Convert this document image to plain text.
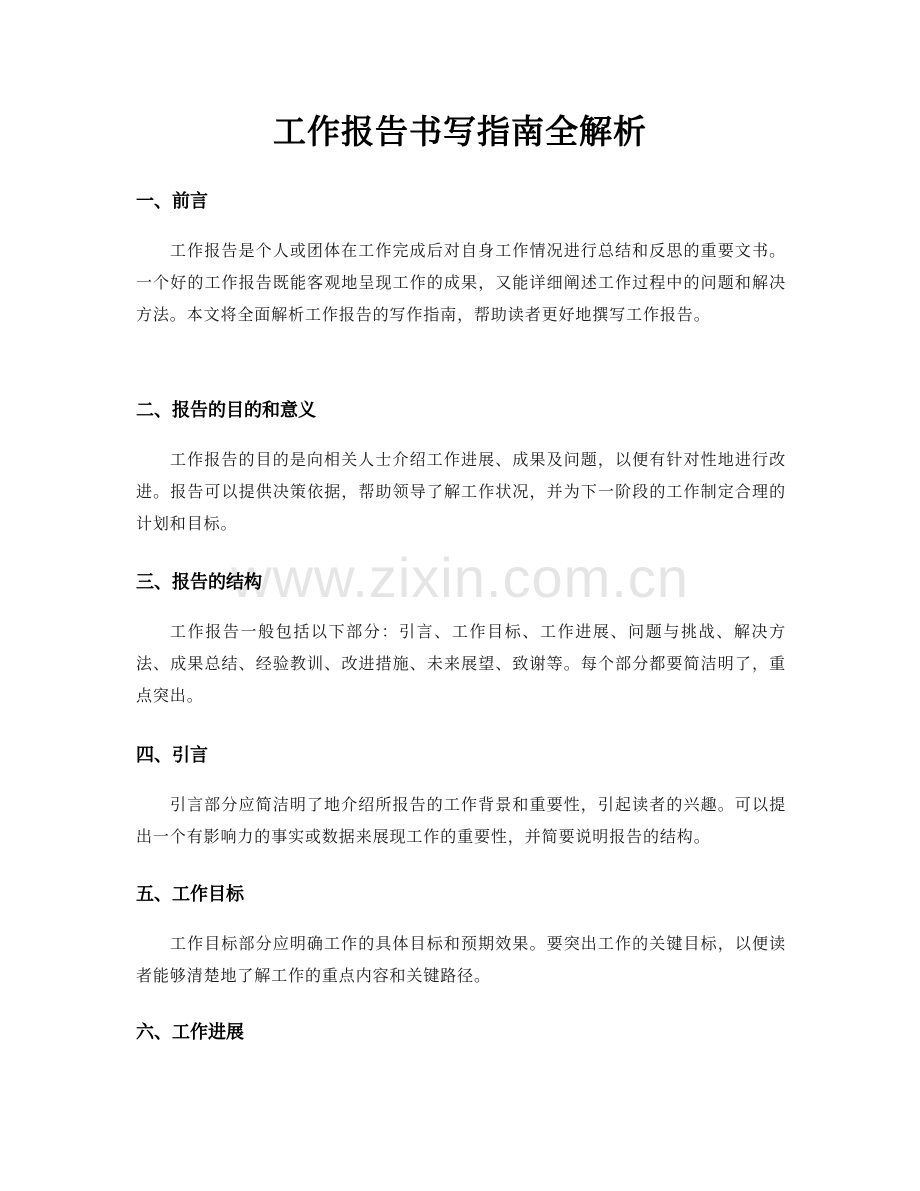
工作报告书写指南全解析
www.zixin.com.cn
一、前言

工作报告是个人或团体在工作完成后对自身工作情况进行总结和反思的重要文书。一个好的工作报告既能客观地呈现工作的成果，又能详细阐述工作过程中的问题和解决方法。本文将全面解析工作报告的写作指南，帮助读者更好地撰写工作报告。

二、报告的目的和意义

工作报告的目的是向相关人士介绍工作进展、成果及问题，以便有针对性地进行改进。报告可以提供决策依据，帮助领导了解工作状况，并为下一阶段的工作制定合理的计划和目标。

三、报告的结构

工作报告一般包括以下部分：引言、工作目标、工作进展、问题与挑战、解决方法、成果总结、经验教训、改进措施、未来展望、致谢等。每个部分都要简洁明了，重点突出。

四、引言

引言部分应简洁明了地介绍所报告的工作背景和重要性，引起读者的兴趣。可以提出一个有影响力的事实或数据来展现工作的重要性，并简要说明报告的结构。

五、工作目标

工作目标部分应明确工作的具体目标和预期效果。要突出工作的关键目标，以便读者能够清楚地了解工作的重点内容和关键路径。

六、工作进展
